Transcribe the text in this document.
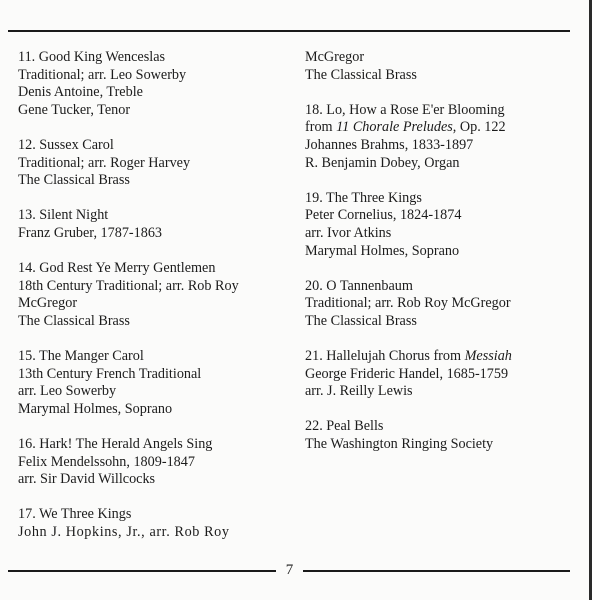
11. Good King Wenceslas
Traditional; arr. Leo Sowerby
Denis Antoine, Treble
Gene Tucker, Tenor
12. Sussex Carol
Traditional; arr. Roger Harvey
The Classical Brass
13. Silent Night
Franz Gruber, 1787-1863
14. God Rest Ye Merry Gentlemen
18th Century Traditional; arr. Rob Roy
McGregor
The Classical Brass
15. The Manger Carol
13th Century French Traditional
arr. Leo Sowerby
Marymal Holmes, Soprano
16. Hark! The Herald Angels Sing
Felix Mendelssohn, 1809-1847
arr. Sir David Willcocks
17. We Three Kings
John J. Hopkins, Jr., arr. Rob Roy
McGregor
The Classical Brass
18. Lo, How a Rose E'er Blooming
from 11 Chorale Preludes, Op. 122
Johannes Brahms, 1833-1897
R. Benjamin Dobey, Organ
19. The Three Kings
Peter Cornelius, 1824-1874
arr. Ivor Atkins
Marymal Holmes, Soprano
20. O Tannenbaum
Traditional; arr. Rob Roy McGregor
The Classical Brass
21. Hallelujah Chorus from Messiah
George Frideric Handel, 1685-1759
arr. J. Reilly Lewis
22. Peal Bells
The Washington Ringing Society
7
